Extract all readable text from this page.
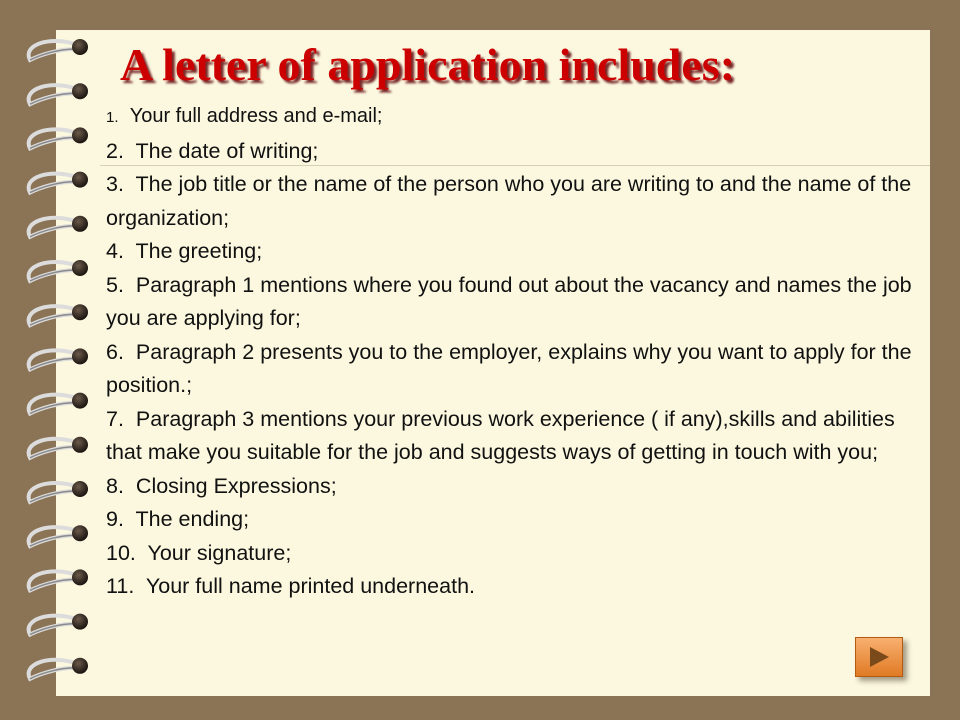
A letter of application includes:
1. Your full address and e-mail;
2. The date of writing;
3. The job title or the name of the person who you are writing to and the name of the organization;
4. The greeting;
5. Paragraph 1 mentions where you found out about the vacancy and names the job you are applying for;
6. Paragraph 2 presents you to the employer, explains why you want to apply for the position.;
7. Paragraph 3 mentions your previous work experience ( if any),skills and abilities that make you suitable for the job and suggests ways of getting in touch with you;
8. Closing Expressions;
9. The ending;
10. Your signature;
11. Your full name printed underneath.
